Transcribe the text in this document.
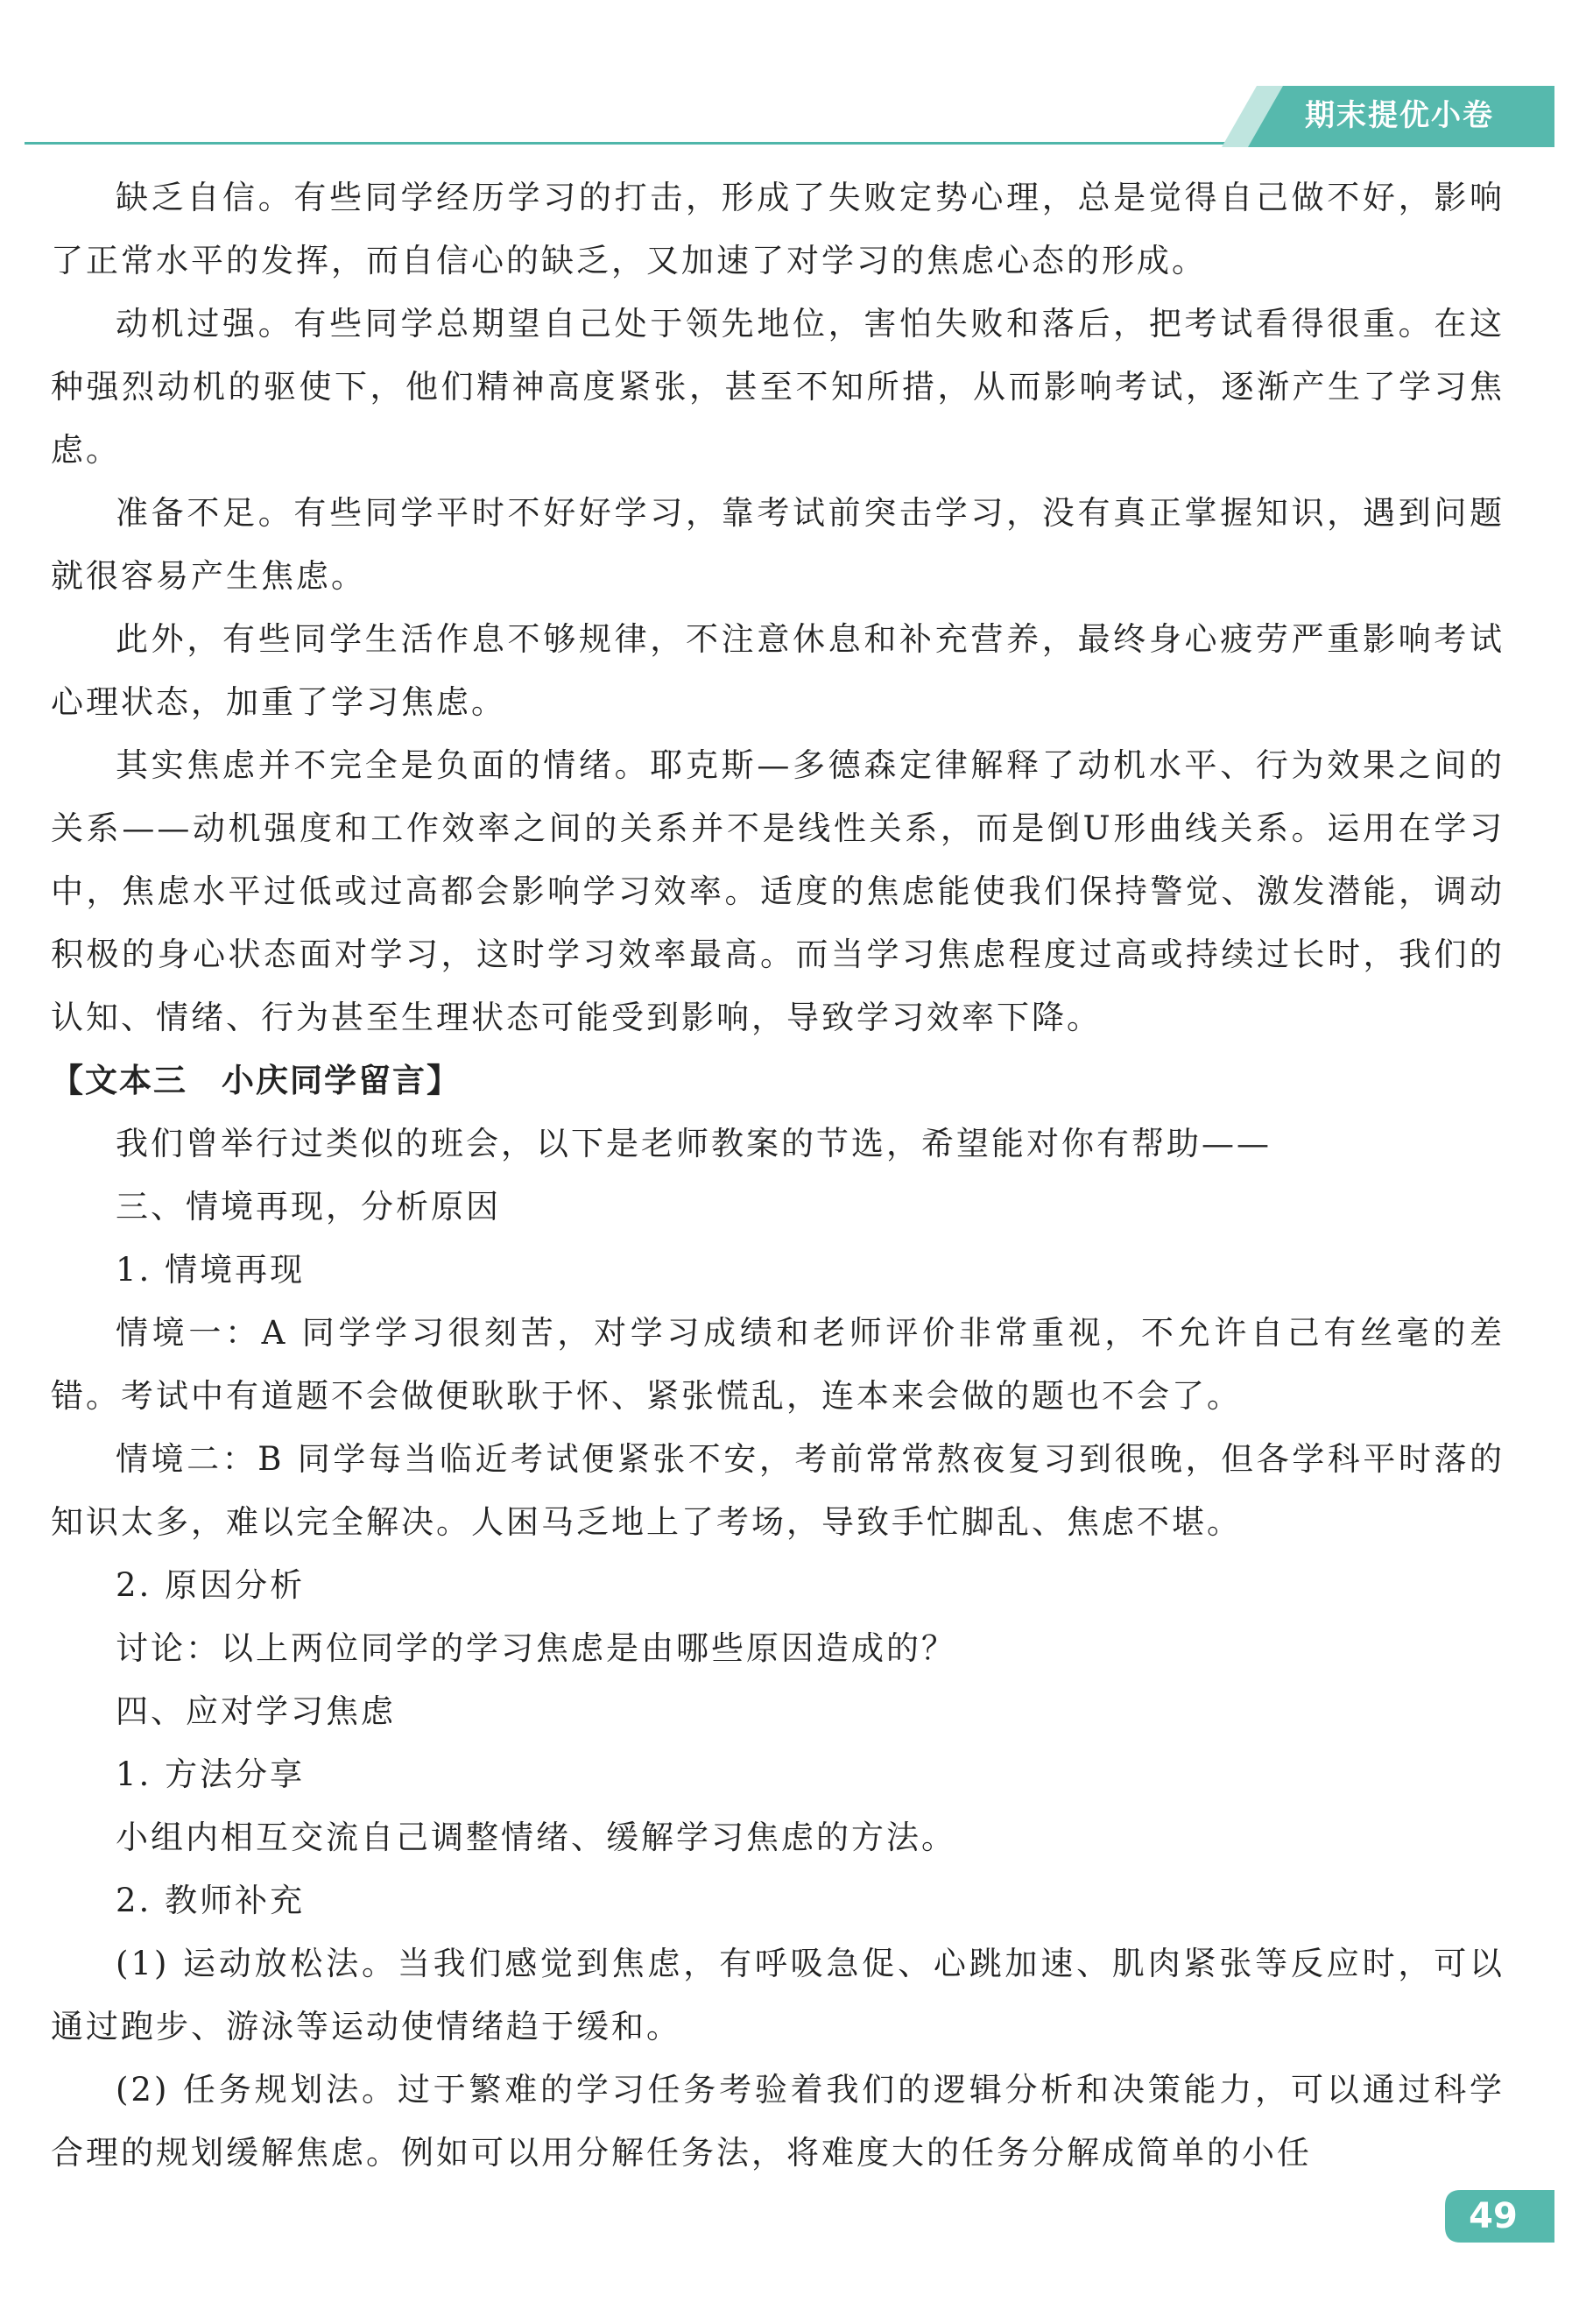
期末提优小卷

缺乏自信。有些同学经历学习的打击，形成了失败定势心理，总是觉得自己做不好，影响了正常水平的发挥，而自信心的缺乏，又加速了对学习的焦虑心态的形成。

动机过强。有些同学总期望自己处于领先地位，害怕失败和落后，把考试看得很重。在这种强烈动机的驱使下，他们精神高度紧张，甚至不知所措，从而影响考试，逐渐产生了学习焦虑。

准备不足。有些同学平时不好好学习，靠考试前突击学习，没有真正掌握知识，遇到问题就很容易产生焦虑。

此外，有些同学生活作息不够规律，不注意休息和补充营养，最终身心疲劳严重影响考试心理状态，加重了学习焦虑。

其实焦虑并不完全是负面的情绪。耶克斯—多德森定律解释了动机水平、行为效果之间的关系——动机强度和工作效率之间的关系并不是线性关系，而是倒U形曲线关系。运用在学习中，焦虑水平过低或过高都会影响学习效率。适度的焦虑能使我们保持警觉、激发潜能，调动积极的身心状态面对学习，这时学习效率最高。而当学习焦虑程度过高或持续过长时，我们的认知、情绪、行为甚至生理状态可能受到影响，导致学习效率下降。

【文本三　小庆同学留言】

我们曾举行过类似的班会，以下是老师教案的节选，希望能对你有帮助——

三、情境再现，分析原因

1. 情境再现

情境一：A 同学学习很刻苦，对学习成绩和老师评价非常重视，不允许自己有丝毫的差错。考试中有道题不会做便耿耿于怀、紧张慌乱，连本来会做的题也不会了。

情境二：B 同学每当临近考试便紧张不安，考前常常熬夜复习到很晚，但各学科平时落的知识太多，难以完全解决。人困马乏地上了考场，导致手忙脚乱、焦虑不堪。

2. 原因分析

讨论：以上两位同学的学习焦虑是由哪些原因造成的？

四、应对学习焦虑

1. 方法分享

小组内相互交流自己调整情绪、缓解学习焦虑的方法。

2. 教师补充

(1) 运动放松法。当我们感觉到焦虑，有呼吸急促、心跳加速、肌肉紧张等反应时，可以通过跑步、游泳等运动使情绪趋于缓和。

(2) 任务规划法。过于繁难的学习任务考验着我们的逻辑分析和决策能力，可以通过科学合理的规划缓解焦虑。例如可以用分解任务法，将难度大的任务分解成简单的小任

49
